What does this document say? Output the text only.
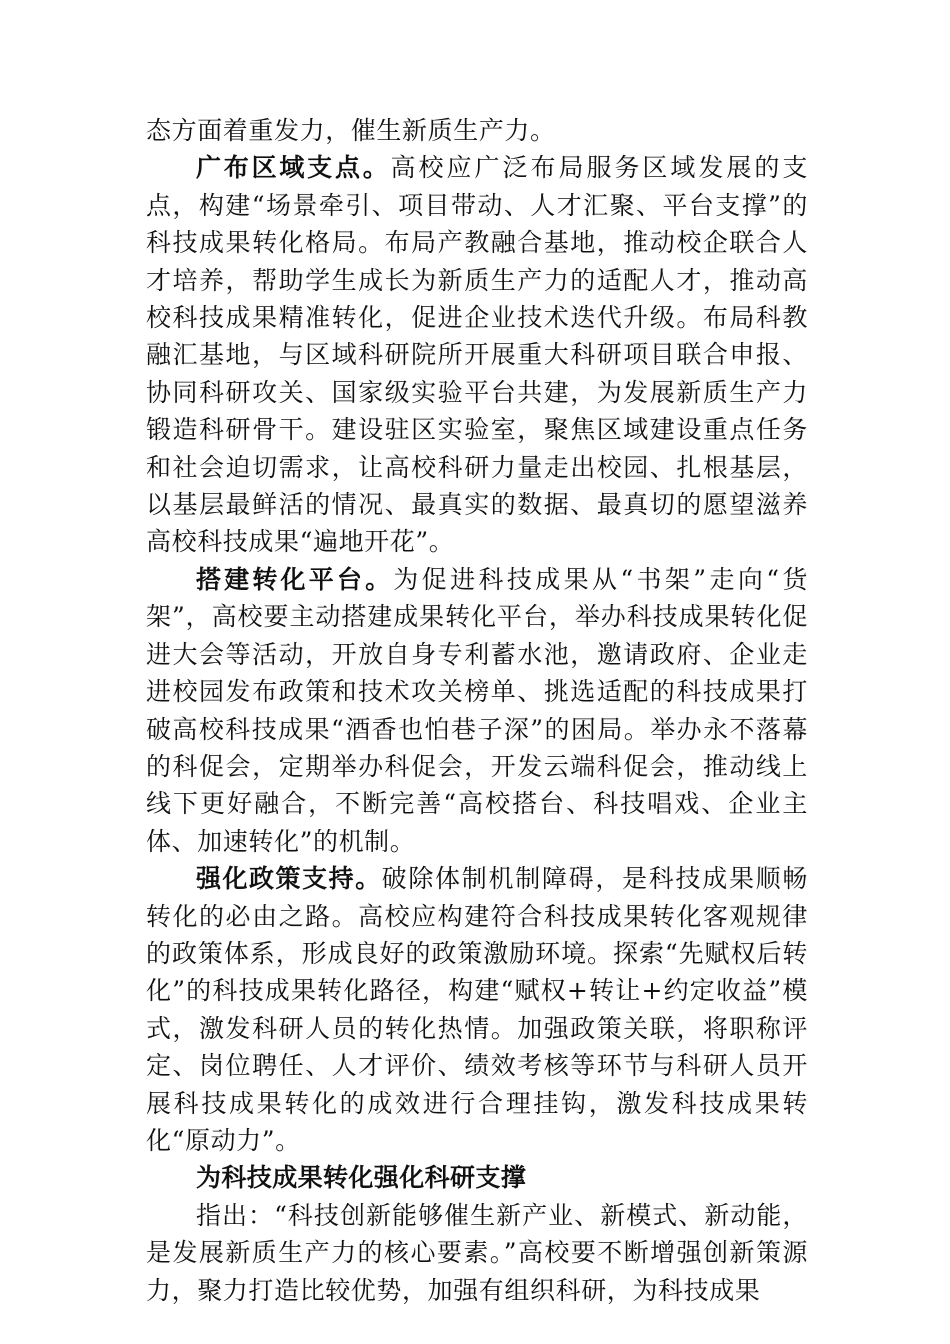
态方面着重发力，催生新质生产力。

广布区域支点。高校应广泛布局服务区域发展的支点，构建“场景牵引、项目带动、人才汇聚、平台支撑”的科技成果转化格局。布局产教融合基地，推动校企联合人才培养，帮助学生成长为新质生产力的适配人才，推动高校科技成果精准转化，促进企业技术迭代升级。布局科教融汇基地，与区域科研院所开展重大科研项目联合申报、协同科研攻关、国家级实验平台共建，为发展新质生产力锻造科研骨干。建设驻区实验室，聚焦区域建设重点任务和社会迫切需求，让高校科研力量走出校园、扎根基层，以基层最鲜活的情况、最真实的数据、最真切的愿望滋养高校科技成果“遍地开花”。

搭建转化平台。为促进科技成果从“书架”走向“货架”，高校要主动搭建成果转化平台，举办科技成果转化促进大会等活动，开放自身专利蓄水池，邀请政府、企业走进校园发布政策和技术攻关榜单、挑选适配的科技成果打破高校科技成果“酒香也怕巷子深”的困局。举办永不落幕的科促会，定期举办科促会，开发云端科促会，推动线上线下更好融合，不断完善“高校搭台、科技唱戏、企业主体、加速转化”的机制。

强化政策支持。破除体制机制障碍，是科技成果顺畅转化的必由之路。高校应构建符合科技成果转化客观规律的政策体系，形成良好的政策激励环境。探索“先赋权后转化”的科技成果转化路径，构建“赋权+转让+约定收益”模式，激发科研人员的转化热情。加强政策关联，将职称评定、岗位聘任、人才评价、绩效考核等环节与科研人员开展科技成果转化的成效进行合理挂钩，激发科技成果转化“原动力”。

为科技成果转化强化科研支撑

指出：“科技创新能够催生新产业、新模式、新动能，是发展新质生产力的核心要素。”高校要不断增强创新策源力，聚力打造比较优势，加强有组织科研，为科技成果
